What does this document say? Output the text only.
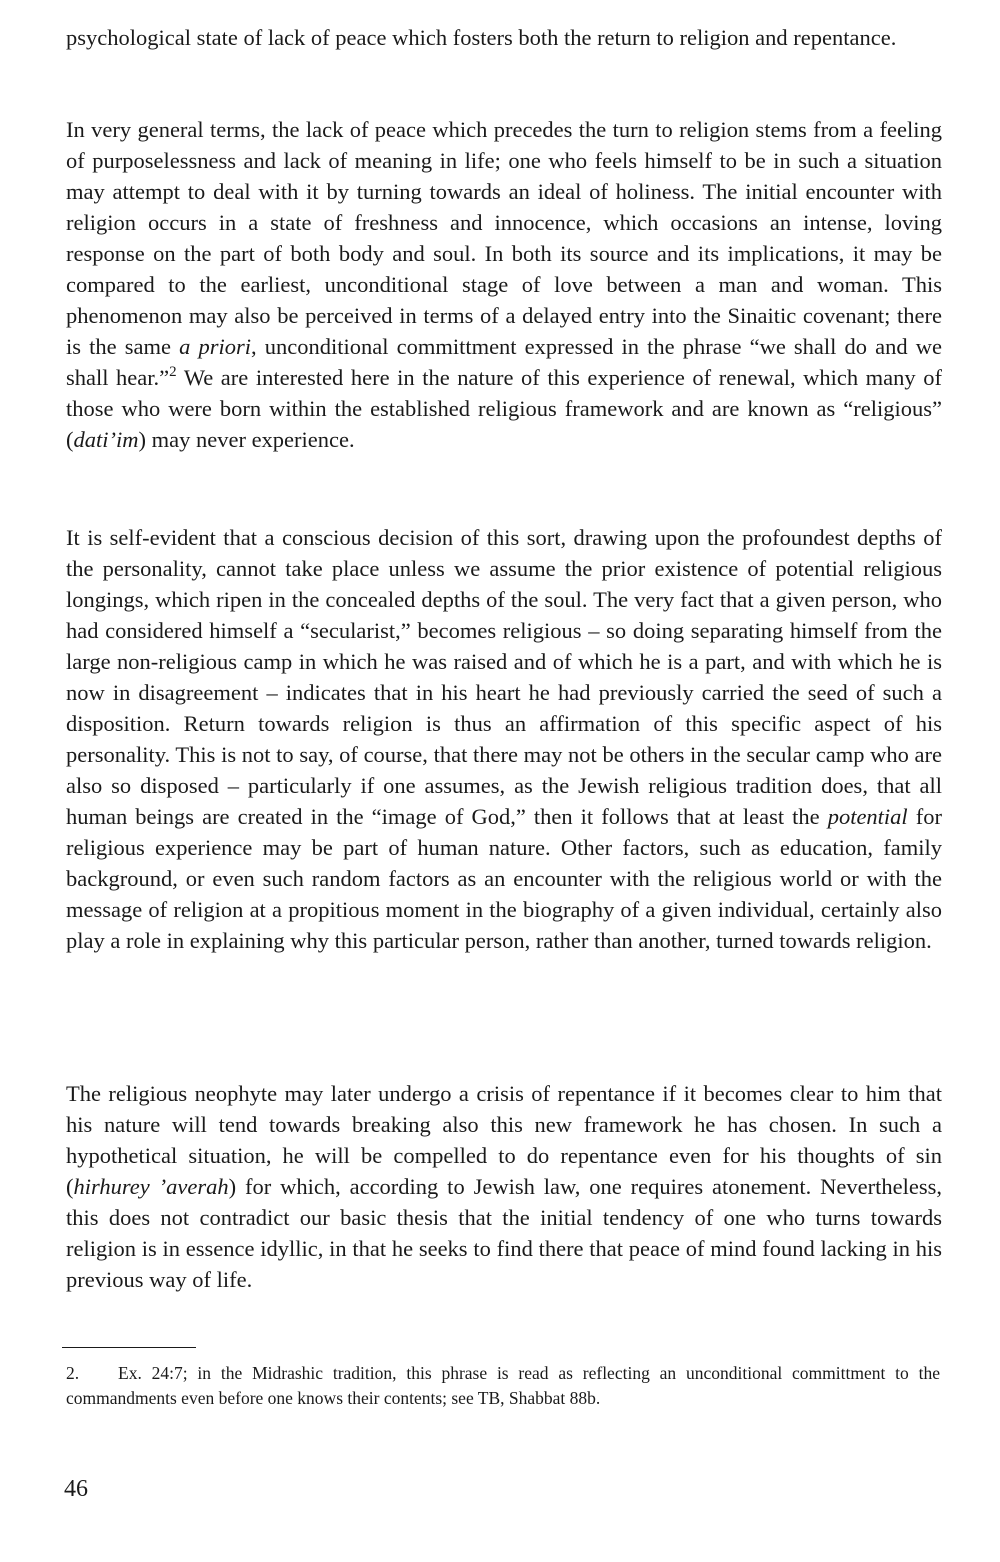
psychological state of lack of peace which fosters both the return to religion and repentance.

In very general terms, the lack of peace which precedes the turn to religion stems from a feeling of purposelessness and lack of meaning in life; one who feels himself to be in such a situation may attempt to deal with it by turning towards an ideal of holiness. The initial encounter with religion occurs in a state of freshness and innocence, which occasions an intense, loving response on the part of both body and soul. In both its source and its implications, it may be compared to the earliest, unconditional stage of love between a man and woman. This phenomenon may also be perceived in terms of a delayed entry into the Sinaitic covenant; there is the same a priori, unconditional committment expressed in the phrase “we shall do and we shall hear.”$^2$ We are interested here in the nature of this experience of renewal, which many of those who were born within the established religious framework and are known as “religious” (dati’im) may never experience.

It is self-evident that a conscious decision of this sort, drawing upon the profoundest depths of the personality, cannot take place unless we assume the prior existence of potential religious longings, which ripen in the concealed depths of the soul. The very fact that a given person, who had considered himself a “secularist,” becomes religious – so doing separating himself from the large non-religious camp in which he was raised and of which he is a part, and with which he is now in disagreement – indicates that in his heart he had previously carried the seed of such a disposition. Return towards religion is thus an affirmation of this specific aspect of his personality. This is not to say, of course, that there may not be others in the secular camp who are also so disposed – particularly if one assumes, as the Jewish religious tradition does, that all human beings are created in the “image of God,” then it follows that at least the potential for religious experience may be part of human nature. Other factors, such as education, family background, or even such random factors as an encounter with the religious world or with the message of religion at a propitious moment in the biography of a given individual, certainly also play a role in explaining why this particular person, rather than another, turned towards religion.

The religious neophyte may later undergo a crisis of repentance if it becomes clear to him that his nature will tend towards breaking also this new framework he has chosen. In such a hypothetical situation, he will be compelled to do repentance even for his thoughts of sin (hirhurey ’averah) for which, according to Jewish law, one requires atonement. Nevertheless, this does not contradict our basic thesis that the initial tendency of one who turns towards religion is in essence idyllic, in that he seeks to find there that peace of mind found lacking in his previous way of life.

2. Ex. 24:7; in the Midrashic tradition, this phrase is read as reflecting an unconditional committment to the commandments even before one knows their contents; see TB, Shabbat 88b.

46
